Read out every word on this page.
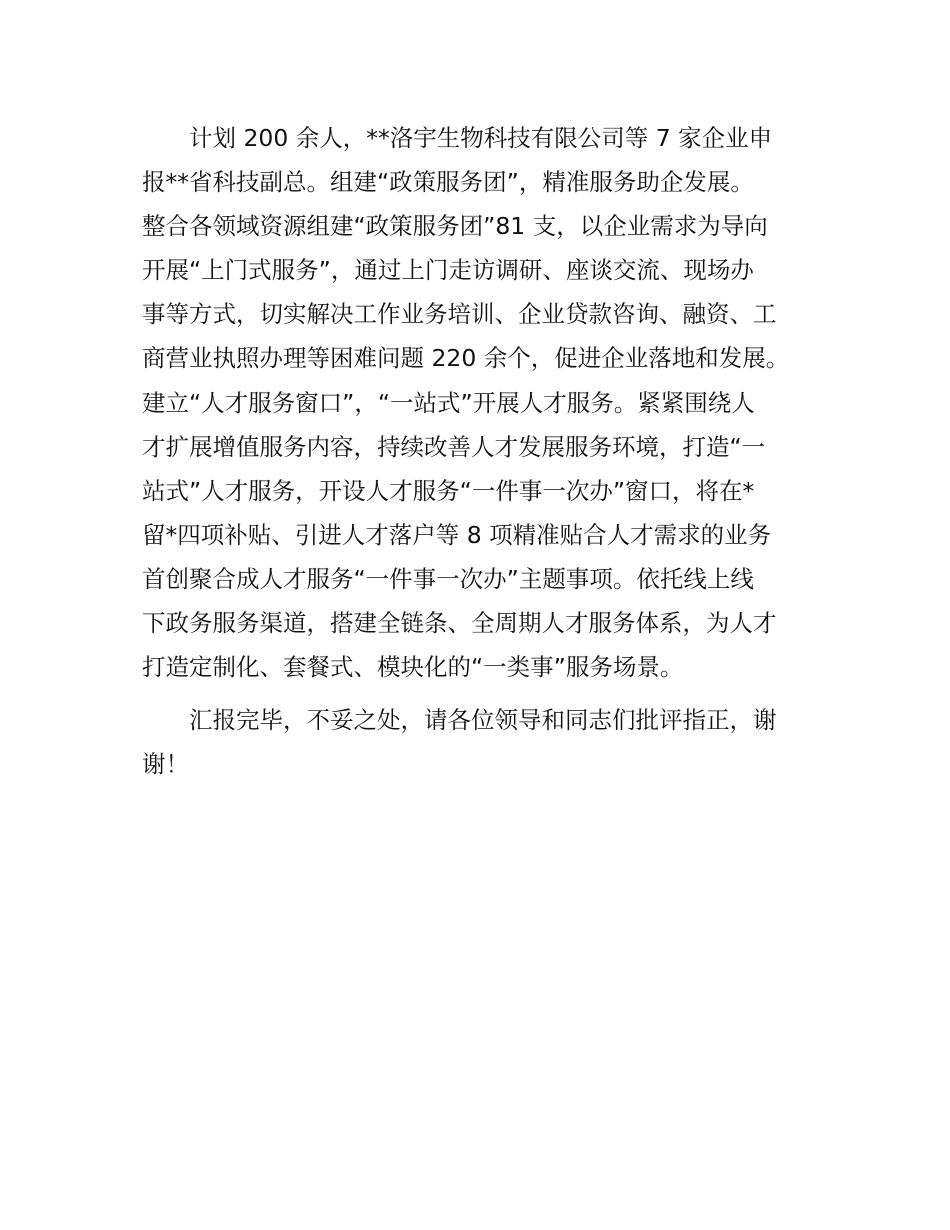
计划 200 余人，**洛宇生物科技有限公司等 7 家企业申
报**省科技副总。组建“政策服务团”，精准服务助企发展。
整合各领域资源组建“政策服务团”81 支，以企业需求为导向
开展“上门式服务”，通过上门走访调研、座谈交流、现场办
事等方式，切实解决工作业务培训、企业贷款咨询、融资、工
商营业执照办理等困难问题 220 余个，促进企业落地和发展。
建立“人才服务窗口”，“一站式”开展人才服务。紧紧围绕人
才扩展增值服务内容，持续改善人才发展服务环境，打造“一
站式”人才服务，开设人才服务“一件事一次办”窗口，将在*
留*四项补贴、引进人才落户等 8 项精准贴合人才需求的业务
首创聚合成人才服务“一件事一次办”主题事项。依托线上线
下政务服务渠道，搭建全链条、全周期人才服务体系，为人才
打造定制化、套餐式、模块化的“一类事”服务场景。
汇报完毕，不妥之处，请各位领导和同志们批评指正，谢
谢！
